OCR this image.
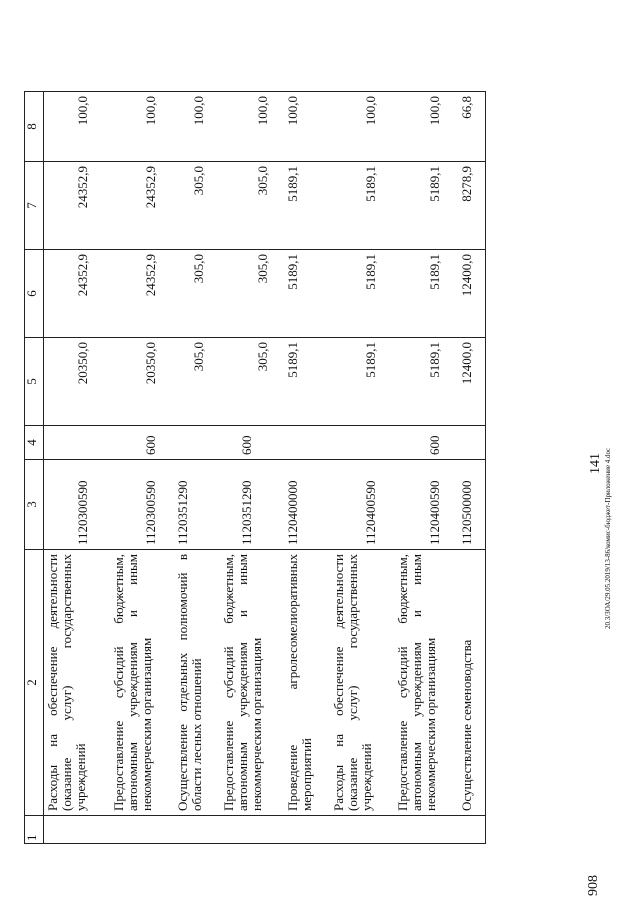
141
908
20.3/ЗОА/29.05.2019/13-86/комис-бюджет-Приложение 4.doc
1	2	3	4	5	6	7	8
	Расходы на обеспечение деятельности (оказание услуг) государственных учреждений	1120300590		20350,0	24352,9	24352,9	100,0
	Предоставление субсидий бюджетным, автономным учреждениям и иным некоммерческим организациям	1120300590	600	20350,0	24352,9	24352,9	100,0
	Осуществление отдельных полномочий в области лесных отношений	1120351290		305,0	305,0	305,0	100,0
	Предоставление субсидий бюджетным, автономным учреждениям и иным некоммерческим организациям	1120351290	600	305,0	305,0	305,0	100,0
	Проведение агролесомелиоративных мероприятий	1120400000		5189,1	5189,1	5189,1	100,0
	Расходы на обеспечение деятельности (оказание услуг) государственных учреждений	1120400590		5189,1	5189,1	5189,1	100,0
	Предоставление субсидий бюджетным, автономным учреждениям и иным некоммерческим организациям	1120400590	600	5189,1	5189,1	5189,1	100,0
	Осуществление семеноводства	1120500000		12400,0	12400,0	8278,9	66,8
